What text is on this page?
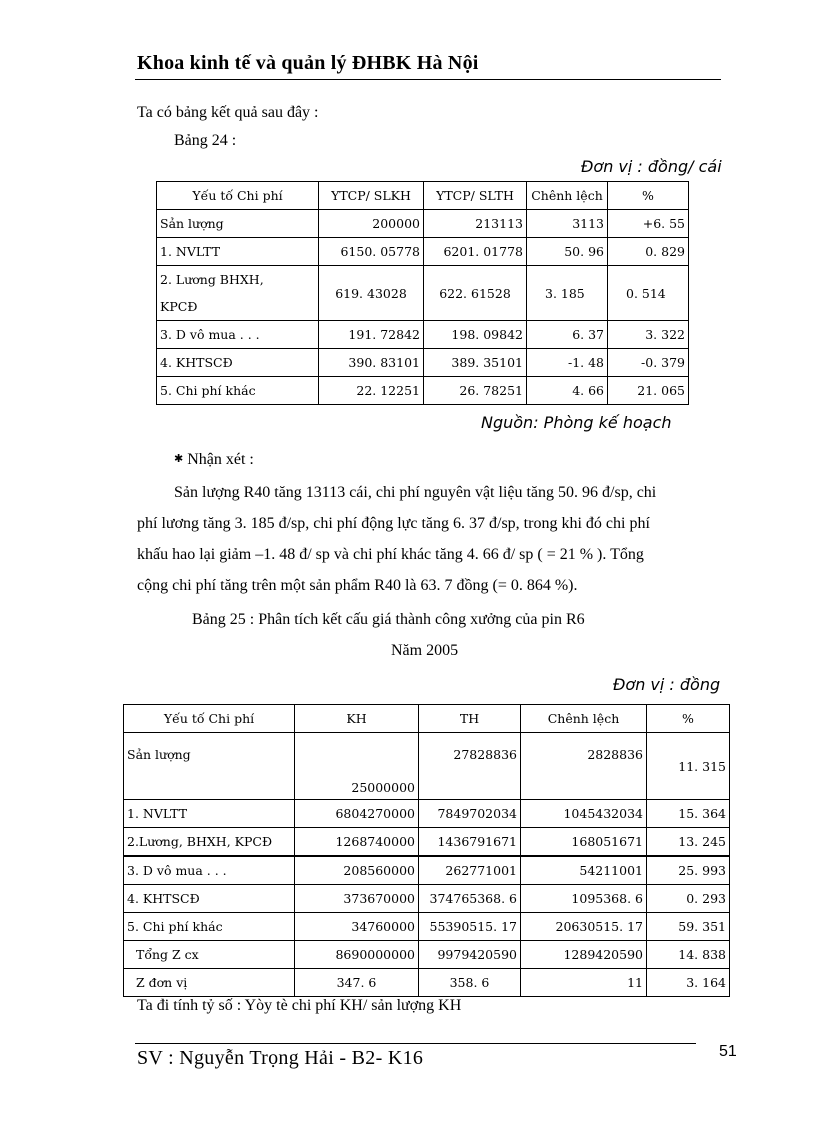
Khoa kinh tế và quản lý ĐHBK Hà Nội
Ta có bảng kết quả sau đây :
Bảng 24 :
Đơn vị : đồng/ cái
Yếu tố Chi phí	YTCP/ SLKH	YTCP/ SLTH	Chênh lệch	%
Sản lượng	200000	213113	3113	+6. 55
1. NVLTT	6150. 05778	6201. 01778	50. 96	0. 829

2. Lương BHXH,
KPCĐ	619. 43028	622. 61528	3. 185	0. 514
3. D vô mua . . .	191. 72842	198. 09842	6. 37	3. 322
4. KHTSCĐ	390. 83101	389. 35101	-1. 48	-0. 379
5. Chi phí khác	22. 12251	26. 78251	4. 66	21. 065
Nguồn: Phòng kế hoạch
✱ Nhận xét :
Sản lượng R40 tăng 13113 cái, chi phí nguyên vật liệu tăng 50. 96 đ/sp, chi
phí lương tăng 3. 185 đ/sp, chi phí động lực tăng 6. 37 đ/sp, trong khi đó chi phí
khấu hao lại giảm –1. 48 đ/ sp và chi phí khác tăng 4. 66 đ/ sp ( = 21 % ). Tổng
cộng chi phí tăng trên một sản phẩm R40 là 63. 7 đồng (= 0. 864 %).
Bảng 25 : Phân tích kết cấu giá thành công xưởng của pin R6
Năm 2005
Đơn vị : đồng
Yếu tố Chi phí	KH	TH	Chênh lệch	%
Sản lượng	25000000	27828836	2828836	11. 315
1. NVLTT	6804270000	7849702034	1045432034	15. 364
2.Lương, BHXH, KPCĐ	1268740000	1436791671	168051671	13. 245
3. D vô mua . . .	208560000	262771001	54211001	25. 993
4. KHTSCĐ	373670000	374765368. 6	1095368. 6	0. 293
5. Chi phí khác	34760000	55390515. 17	20630515. 17	59. 351
Tổng Z cx	8690000000	9979420590	1289420590	14. 838
Z đơn vị	347. 6	358. 6	11	3. 164
Ta đi tính tỷ số : Yòy tè chi phí KH/ sản lượng KH
SV : Nguyễn Trọng Hải - B2- K16	51
